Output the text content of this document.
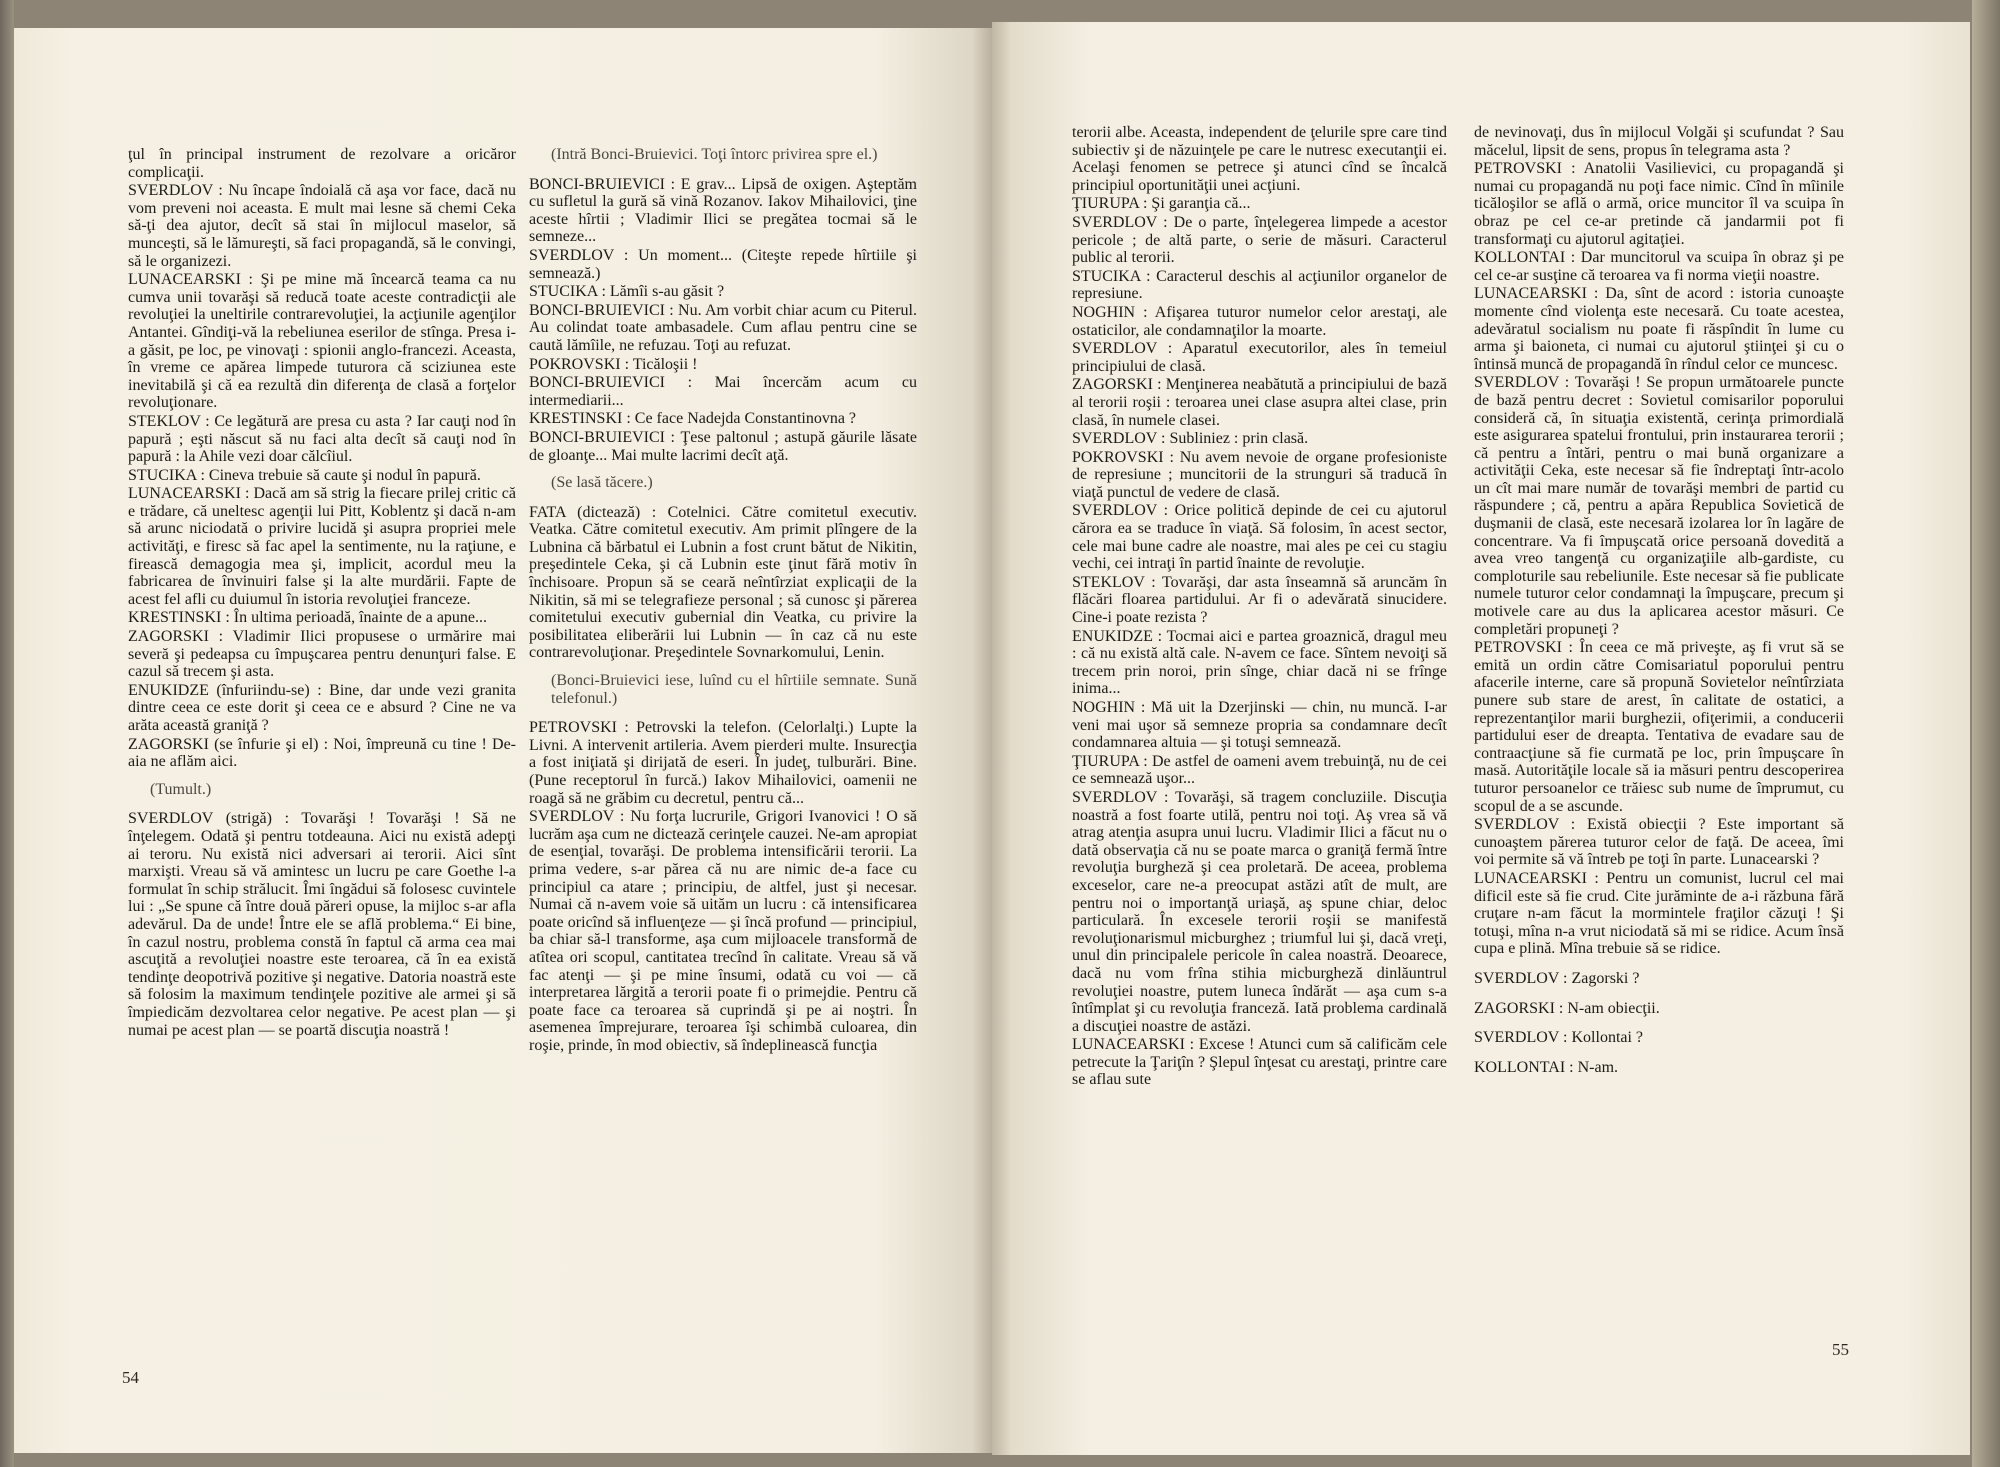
ţul în principal instrument de rezolvare a oricăror complicaţii.

SVERDLOV : Nu încape îndoială că aşa vor face, dacă nu vom preveni noi aceasta. E mult mai lesne să chemi Ceka să-ţi dea ajutor, decît să stai în mijlocul maselor, să munceşti, să le lămureşti, să faci propagandă, să le convingi, să le organizezi.

LUNACEARSKI : Şi pe mine mă încearcă teama ca nu cumva unii tovarăşi să reducă toate aceste contradicţii ale revoluţiei la uneltirile contrarevoluţiei, la acţiunile agenţilor Antantei. Gîndiţi-vă la rebeliunea eserilor de stînga. Presa i-a găsit, pe loc, pe vinovaţi : spionii anglo-francezi. Aceasta, în vreme ce apărea limpede tuturora că sciziunea este inevitabilă şi că ea rezultă din diferenţa de clasă a forţelor revoluţionare.

STEKLOV : Ce legătură are presa cu asta ? Iar cauţi nod în papură ; eşti născut să nu faci alta decît să cauţi nod în papură : la Ahile vezi doar călcîiul.

STUCIKA : Cineva trebuie să caute şi nodul în papură.

LUNACEARSKI : Dacă am să strig la fiecare prilej critic că e trădare, că uneltesc agenţii lui Pitt, Koblentz şi dacă n-am să arunc niciodată o privire lucidă şi asupra propriei mele activităţi, e firesc să fac apel la sentimente, nu la raţiune, e firească demagogia mea şi, implicit, acordul meu la fabricarea de învinuiri false şi la alte murdării. Fapte de acest fel afli cu duiumul în istoria revoluţiei franceze.

KRESTINSKI : În ultima perioadă, înainte de a apune...

ZAGORSKI : Vladimir Ilici propusese o urmărire mai severă şi pedeapsa cu împuşcarea pentru denunţuri false. E cazul să trecem şi asta.

ENUKIDZE (înfuriindu-se) : Bine, dar unde vezi granita dintre ceea ce este dorit şi ceea ce e absurd ? Cine ne va arăta această graniţă ?

ZAGORSKI (se înfurie şi el) : Noi, împreună cu tine ! De-aia ne aflăm aici.

(Tumult.)

SVERDLOV (strigă) : Tovarăşi ! Tovarăşi ! Să ne înţelegem. Odată şi pentru totdeauna. Aici nu există adepţi ai teroru. Nu există nici adversari ai terorii. Aici sînt marxişti. Vreau să vă amintesc un lucru pe care Goethe l-a formulat în schip strălucit. Îmi îngădui să folosesc cuvintele lui : „Se spune că între două păreri opuse, la mijloc s-ar afla adevărul. Da de unde! Între ele se află problema.“ Ei bine, în cazul nostru, problema constă în faptul că arma cea mai ascuţită a revoluţiei noastre este teroarea, că în ea există tendinţe deopotrivă pozitive şi negative. Datoria noastră este să folosim la maximum tendinţele pozitive ale armei şi să împiedicăm dezvoltarea celor negative. Pe acest plan — şi numai pe acest plan — se poartă discuţia noastră !

(Intră Bonci-Bruievici. Toţi întorc privirea spre el.)

BONCI-BRUIEVICI : E grav... Lipsă de oxigen. Aşteptăm cu sufletul la gură să vină Rozanov. Iakov Mihailovici, ţine aceste hîrtii ; Vladimir Ilici se pregătea tocmai să le semneze...

SVERDLOV : Un moment... (Citeşte repede hîrtiile şi semnează.)

STUCIKA : Lămîi s-au găsit ?

BONCI-BRUIEVICI : Nu. Am vorbit chiar acum cu Piterul. Au colindat toate ambasadele. Cum aflau pentru cine se caută lămîile, ne refuzau. Toţi au refuzat.

POKROVSKI : Ticăloşii !

BONCI-BRUIEVICI : Mai încercăm acum cu intermediarii...

KRESTINSKI : Ce face Nadejda Constantinovna ?

BONCI-BRUIEVICI : Ţese paltonul ; astupă găurile lăsate de gloanţe... Mai multe lacrimi decît aţă.

(Se lasă tăcere.)

FATA (dictează) : Cotelnici. Către comitetul executiv. Veatka. Către comitetul executiv. Am primit plîngere de la Lubnina că bărbatul ei Lubnin a fost crunt bătut de Nikitin, preşedintele Ceka, şi că Lubnin este ţinut fără motiv în închisoare. Propun să se ceară neîntîrziat explicaţii de la Nikitin, să mi se telegrafieze personal ; să cunosc şi părerea comitetului executiv gubernial din Veatka, cu privire la posibilitatea eliberării lui Lubnin — în caz că nu este contrarevoluţionar. Preşedintele Sovnarkomului, Lenin.

(Bonci-Bruievici iese, luînd cu el hîrtiile semnate. Sună telefonul.)

PETROVSKI : Petrovski la telefon. (Celorlalţi.) Lupte la Livni. A intervenit artileria. Avem pierderi multe. Insurecţia a fost iniţiată şi dirijată de eseri. În judeţ, tulburări. Bine. (Pune receptorul în furcă.) Iakov Mihailovici, oamenii ne roagă să ne grăbim cu decretul, pentru că...

SVERDLOV : Nu forţa lucrurile, Grigori Ivanovici ! O să lucrăm aşa cum ne dictează cerinţele cauzei. Ne-am apropiat de esenţial, tovarăşi. De problema intensificării terorii. La prima vedere, s-ar părea că nu are nimic de-a face cu principiul ca atare ; principiu, de altfel, just şi necesar. Numai că n-avem voie să uităm un lucru : că intensificarea poate oricînd să influenţeze — şi încă profund — principiul, ba chiar să-l transforme, aşa cum mijloacele transformă de atîtea ori scopul, cantitatea trecînd în calitate. Vreau să vă fac atenţi — şi pe mine însumi, odată cu voi — că interpretarea lărgită a terorii poate fi o primejdie. Pentru că poate face ca teroarea să cuprindă şi pe ai noştri. În asemenea împrejurare, teroarea îşi schimbă culoarea, din roşie, prinde, în mod obiectiv, să îndeplinească funcţia

54

terorii albe. Aceasta, independent de ţelurile spre care tind subiectiv şi de năzuinţele pe care le nutresc executanţii ei. Acelaşi fenomen se petrece şi atunci cînd se încalcă principiul oportunităţii unei acţiuni.

ŢIURUPA : Şi garanţia că...

SVERDLOV : De o parte, înţelegerea limpede a acestor pericole ; de altă parte, o serie de măsuri. Caracterul public al terorii.

STUCIKA : Caracterul deschis al acţiunilor organelor de represiune.

NOGHIN : Afişarea tuturor numelor celor arestaţi, ale ostaticilor, ale condamnaţilor la moarte.

SVERDLOV : Aparatul executorilor, ales în temeiul principiului de clasă.

ZAGORSKI : Menţinerea neabătută a principiului de bază al terorii roşii : teroarea unei clase asupra altei clase, prin clasă, în numele clasei.

SVERDLOV : Subliniez : prin clasă.

POKROVSKI : Nu avem nevoie de organe profesioniste de represiune ; muncitorii de la strunguri să traducă în viaţă punctul de vedere de clasă.

SVERDLOV : Orice politică depinde de cei cu ajutorul cărora ea se traduce în viaţă. Să folosim, în acest sector, cele mai bune cadre ale noastre, mai ales pe cei cu stagiu vechi, cei intraţi în partid înainte de revoluţie.

STEKLOV : Tovarăşi, dar asta înseamnă să aruncăm în flăcări floarea partidului. Ar fi o adevărată sinucidere. Cine-i poate rezista ?

ENUKIDZE : Tocmai aici e partea groaznică, dragul meu : că nu există altă cale. N-avem ce face. Sîntem nevoiţi să trecem prin noroi, prin sînge, chiar dacă ni se frînge inima...

NOGHIN : Mă uit la Dzerjinski — chin, nu muncă. I-ar veni mai uşor să semneze propria sa condamnare decît condamnarea altuia — şi totuşi semnează.

ŢIURUPA : De astfel de oameni avem trebuinţă, nu de cei ce semnează uşor...

SVERDLOV : Tovarăşi, să tragem concluziile. Discuţia noastră a fost foarte utilă, pentru noi toţi. Aş vrea să vă atrag atenţia asupra unui lucru. Vladimir Ilici a făcut nu o dată observaţia că nu se poate marca o graniţă fermă între revoluţia burgheză şi cea proletară. De aceea, problema exceselor, care ne-a preocupat astăzi atît de mult, are pentru noi o importanţă uriaşă, aş spune chiar, deloc particulară. În excesele terorii roşii se manifestă revoluţionarismul micburghez ; triumful lui şi, dacă vreţi, unul din principalele pericole în calea noastră. Deoarece, dacă nu vom frîna stihia micburgheză dinlăuntrul revoluţiei noastre, putem luneca îndărăt — aşa cum s-a întîmplat şi cu revoluţia franceză. Iată problema cardinală a discuţiei noastre de astăzi.

LUNACEARSKI : Excese ! Atunci cum să calificăm cele petrecute la Ţariţîn ? Şlepul înţesat cu arestaţi, printre care se aflau sute

de nevinovaţi, dus în mijlocul Volgăi şi scufundat ? Sau măcelul, lipsit de sens, propus în telegrama asta ?

PETROVSKI : Anatolii Vasilievici, cu propagandă şi numai cu propagandă nu poţi face nimic. Cînd în mîinile ticăloşilor se află o armă, orice muncitor îl va scuipa în obraz pe cel ce-ar pretinde că jandarmii pot fi transformaţi cu ajutorul agitaţiei.

KOLLONTAI : Dar muncitorul va scuipa în obraz şi pe cel ce-ar susţine că teroarea va fi norma vieţii noastre.

LUNACEARSKI : Da, sînt de acord : istoria cunoaşte momente cînd violenţa este necesară. Cu toate acestea, adevăratul socialism nu poate fi răspîndit în lume cu arma şi baioneta, ci numai cu ajutorul ştiinţei şi cu o întinsă muncă de propagandă în rîndul celor ce muncesc.

SVERDLOV : Tovarăşi ! Se propun următoarele puncte de bază pentru decret : Sovietul comisarilor poporului consideră că, în situaţia existentă, cerinţa primordială este asigurarea spatelui frontului, prin instaurarea terorii ; că pentru a întări, pentru o mai bună organizare a activităţii Ceka, este necesar să fie îndreptaţi într-acolo un cît mai mare număr de tovarăşi membri de partid cu răspundere ; că, pentru a apăra Republica Sovietică de duşmanii de clasă, este necesară izolarea lor în lagăre de concentrare. Va fi împuşcată orice persoană dovedită a avea vreo tangenţă cu organizaţiile alb-gardiste, cu comploturile sau rebeliunile. Este necesar să fie publicate numele tuturor celor condamnaţi la împuşcare, precum şi motivele care au dus la aplicarea acestor măsuri. Ce completări propuneţi ?

PETROVSKI : În ceea ce mă priveşte, aş fi vrut să se emită un ordin către Comisariatul poporului pentru afacerile interne, care să propună Sovietelor neîntîrziata punere sub stare de arest, în calitate de ostatici, a reprezentanţilor marii burghezii, ofiţerimii, a conducerii partidului eser de dreapta. Tentativa de evadare sau de contraacţiune să fie curmată pe loc, prin împuşcare în masă. Autorităţile locale să ia măsuri pentru descoperirea tuturor persoanelor ce trăiesc sub nume de împrumut, cu scopul de a se ascunde.

SVERDLOV : Există obiecţii ? Este important să cunoaştem părerea tuturor celor de faţă. De aceea, îmi voi permite să vă întreb pe toţi în parte. Lunacearski ?

LUNACEARSKI : Pentru un comunist, lucrul cel mai dificil este să fie crud. Cite jurăminte de a-i răzbuna fără cruţare n-am făcut la mormintele fraţilor căzuţi ! Şi totuşi, mîna n-a vrut niciodată să mi se ridice. Acum însă cupa e plină. Mîna trebuie să se ridice.

SVERDLOV : Zagorski ?

ZAGORSKI : N-am obiecţii.

SVERDLOV : Kollontai ?

KOLLONTAI : N-am.

55
